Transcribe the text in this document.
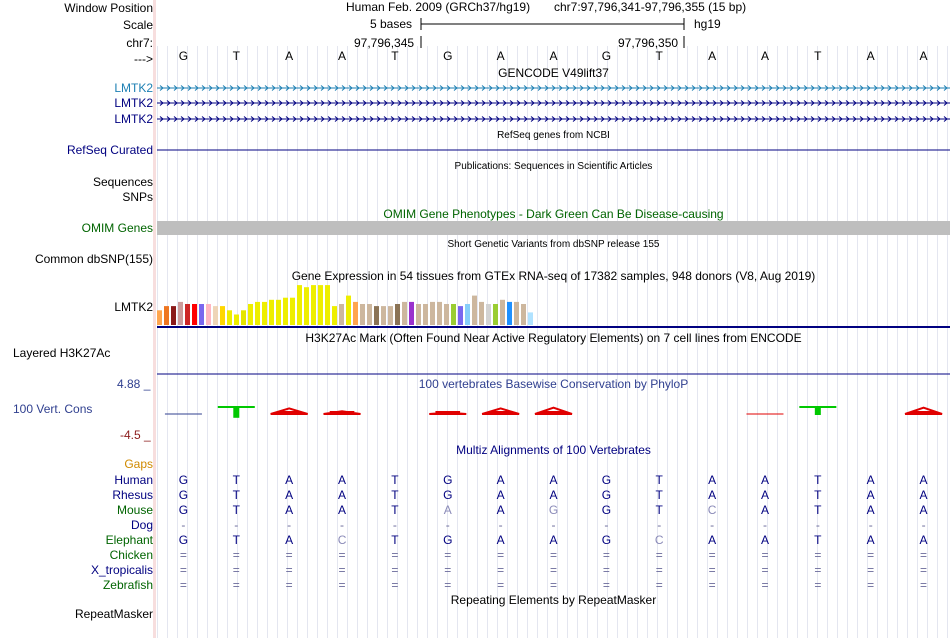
Window Position
Scale
chr7:
--->
Human Feb. 2009 (GRCh37/hg19) chr7:97,796,341-97,796,355 (15 bp)
5 bases	hg19
97,796,345	97,796,350
G	T	A	A	T	G	A	A	G	T	A	A	T	A	A
GENCODE V49lift37
LMTK2
LMTK2
LMTK2
RefSeq genes from NCBI
RefSeq Curated
Publications: Sequences in Scientific Articles
Sequences
SNPs
OMIM Gene Phenotypes - Dark Green Can Be Disease-causing
OMIM Genes
Short Genetic Variants from dbSNP release 155
Common dbSNP(155)
Gene Expression in 54 tissues from GTEx RNA-seq of 17382 samples, 948 donors (V8, Aug 2019)
LMTK2
H3K27Ac Mark (Often Found Near Active Regulatory Elements) on 7 cell lines from ENCODE
Layered H3K27Ac
100 vertebrates Basewise Conservation by PhyloP
4.88 _
100 Vert. Cons
-4.5 _
Multiz Alignments of 100 Vertebrates
Gaps
Human	G	T	A	A	T	G	A	A	G	T	A	A	T	A	A
Rhesus	G	T	A	A	T	G	A	A	G	T	A	A	T	A	A
Mouse	G	T	A	A	T	A	A	G	G	T	C	A	T	A	A
Dog	-	-	-	-	-	-	-	-	-	-	-	-	-	-	-
Elephant	G	T	A	C	T	G	A	A	G	C	A	A	T	A	A
Chicken	=	=	=	=	=	=	=	=	=	=	=	=	=	=	=
X_tropicalis	=	=	=	=	=	=	=	=	=	=	=	=	=	=	=
Zebrafish	=	=	=	=	=	=	=	=	=	=	=	=	=	=	=
Repeating Elements by RepeatMasker
RepeatMasker
